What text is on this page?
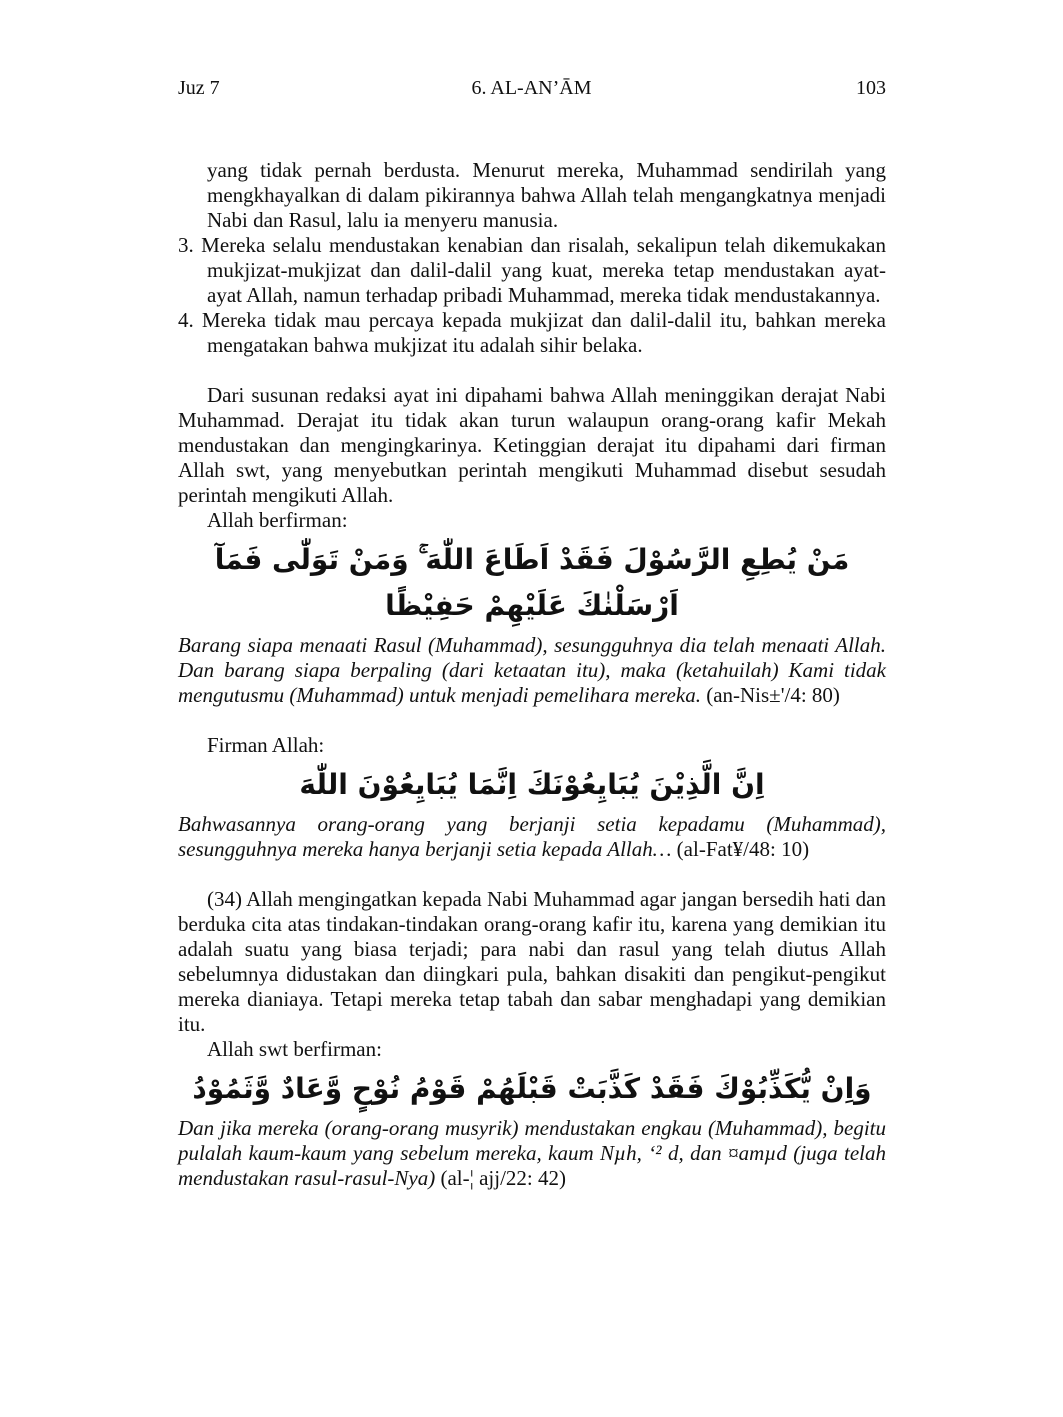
Juz 7	6. AL-AN’ĀM	103

yang tidak pernah berdusta. Menurut mereka, Muhammad sendirilah yang mengkhayalkan di dalam pikirannya bahwa Allah telah mengangkatnya menjadi Nabi dan Rasul, lalu ia menyeru manusia.

3. Mereka selalu mendustakan kenabian dan risalah, sekalipun telah dikemukakan mukjizat-mukjizat dan dalil-dalil yang kuat, mereka tetap mendustakan ayat-ayat Allah, namun terhadap pribadi Muhammad, mereka tidak mendustakannya.

4. Mereka tidak mau percaya kepada mukjizat dan dalil-dalil itu, bahkan mereka mengatakan bahwa mukjizat itu adalah sihir belaka.

Dari susunan redaksi ayat ini dipahami bahwa Allah meninggikan derajat Nabi Muhammad. Derajat itu tidak akan turun walaupun orang-orang kafir Mekah mendustakan dan mengingkarinya. Ketinggian derajat itu dipahami dari firman Allah swt, yang menyebutkan perintah mengikuti Muhammad disebut sesudah perintah mengikuti Allah.

Allah berfirman:

مَنْ يُطِعِ الرَّسُوْلَ فَقَدْ اَطَاعَ اللّٰهَ ۚ وَمَنْ تَوَلّٰى فَمَآ اَرْسَلْنٰكَ عَلَيْهِمْ حَفِيْظًا

Barang siapa menaati Rasul (Muhammad), sesungguhnya dia telah menaati Allah. Dan barang siapa berpaling (dari ketaatan itu), maka (ketahuilah) Kami tidak mengutusmu (Muhammad) untuk menjadi pemelihara mereka. (an-Nis±'/4: 80)

Firman Allah:

اِنَّ الَّذِيْنَ يُبَايِعُوْنَكَ اِنَّمَا يُبَايِعُوْنَ اللّٰهَ

Bahwasannya orang-orang yang berjanji setia kepadamu (Muhammad), sesungguhnya mereka hanya berjanji setia kepada Allah… (al-Fat¥/48: 10)

(34) Allah mengingatkan kepada Nabi Muhammad agar jangan bersedih hati dan berduka cita atas tindakan-tindakan orang-orang kafir itu, karena yang demikian itu adalah suatu yang biasa terjadi; para nabi dan rasul yang telah diutus Allah sebelumnya didustakan dan diingkari pula, bahkan disakiti dan pengikut-pengikut mereka dianiaya. Tetapi mereka tetap tabah dan sabar menghadapi yang demikian itu.

Allah swt berfirman:

وَاِنْ يُّكَذِّبُوْكَ فَقَدْ كَذَّبَتْ قَبْلَهُمْ قَوْمُ نُوْحٍ وَّعَادٌ وَّثَمُوْدُ

Dan jika mereka (orang-orang musyrik) mendustakan engkau (Muhammad), begitu pulalah kaum-kaum yang sebelum mereka, kaum Nµh, ‘² d, dan ¤amµd (juga telah mendustakan rasul-rasul-Nya) (al-¦ ajj/22: 42)
